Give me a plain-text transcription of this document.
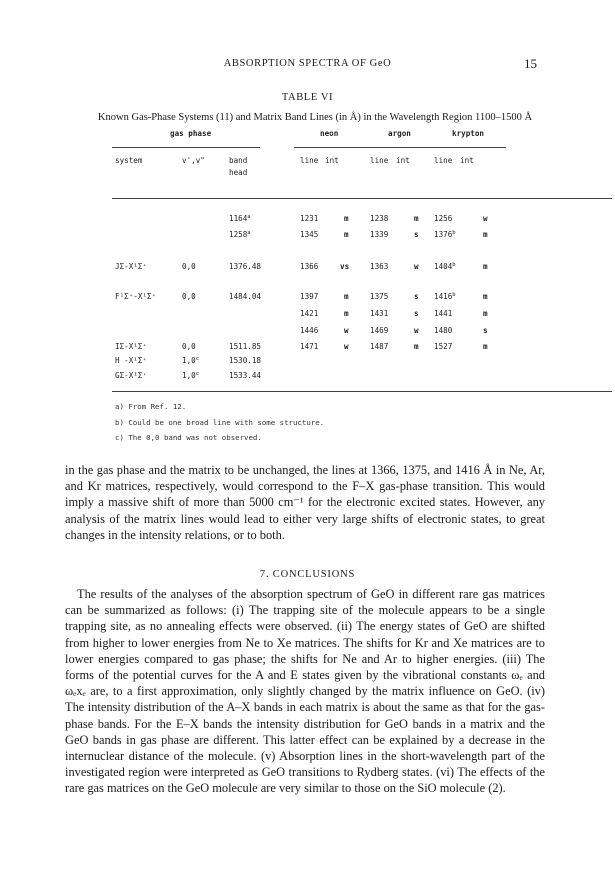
ABSORPTION SPECTRA OF GeO	15
TABLE VI
Known Gas-Phase Systems (11) and Matrix Band Lines (in Å) in the Wavelength Region 1100–1500 Å
gas phase	neon	argon	krypton
system	v',v"	band
head
line int	line int	line int
1164$^a$	1231	m	1238	m 1256	w
1258$^a$	1345	m	1339	s 1376$^b$	m
JΣ-X¹Σ⁺	0,0	1376.48	1366	vs	1363	w 1404$^b$	m
F¹Σ⁺-X¹Σ⁺	0,0	1484.04	1397	m	1375	s 1416$^b$	m
1421	m	1431	s 1441	m
1446	w	1469	w 1480	s
IΣ-X¹Σ⁺	0,0	1511.85	1471	w	1487	m 1527	m
H -X¹Σ⁺	1,0$^c$	1530.18
GΣ-X¹Σ⁺	1,0$^c$	1533.44
a) From Ref. 12.
b) Could be one broad line with some structure.
c) The 0,0 band was not observed.

in the gas phase and the matrix to be unchanged, the lines at 1366, 1375, and 1416 Å in Ne, Ar, and Kr matrices, respectively, would correspond to the F–X gas-phase transition. This would imply a massive shift of more than 5000 cm⁻¹ for the electronic excited states. However, any analysis of the matrix lines would lead to either very large shifts of electronic states, to great changes in the intensity relations, or to both.

7. CONCLUSIONS

The results of the analyses of the absorption spectrum of GeO in different rare gas matrices can be summarized as follows: (i) The trapping site of the molecule appears to be a single trapping site, as no annealing effects were observed. (ii) The energy states of GeO are shifted from higher to lower energies from Ne to Xe matrices. The shifts for Kr and Xe matrices are to lower energies compared to gas phase; the shifts for Ne and Ar to higher energies. (iii) The forms of the potential curves for the A and E states given by the vibrational constants ωₑ and ωₑxₑ are, to a first approximation, only slightly changed by the matrix influence on GeO. (iv) The intensity distribution of the A–X bands in each matrix is about the same as that for the gas-phase bands. For the E–X bands the intensity distribution for GeO bands in a matrix and the GeO bands in gas phase are different. This latter effect can be explained by a decrease in the internuclear distance of the molecule. (v) Absorption lines in the short-wavelength part of the investigated region were interpreted as GeO transitions to Rydberg states. (vi) The effects of the rare gas matrices on the GeO molecule are very similar to those on the SiO molecule (2).
